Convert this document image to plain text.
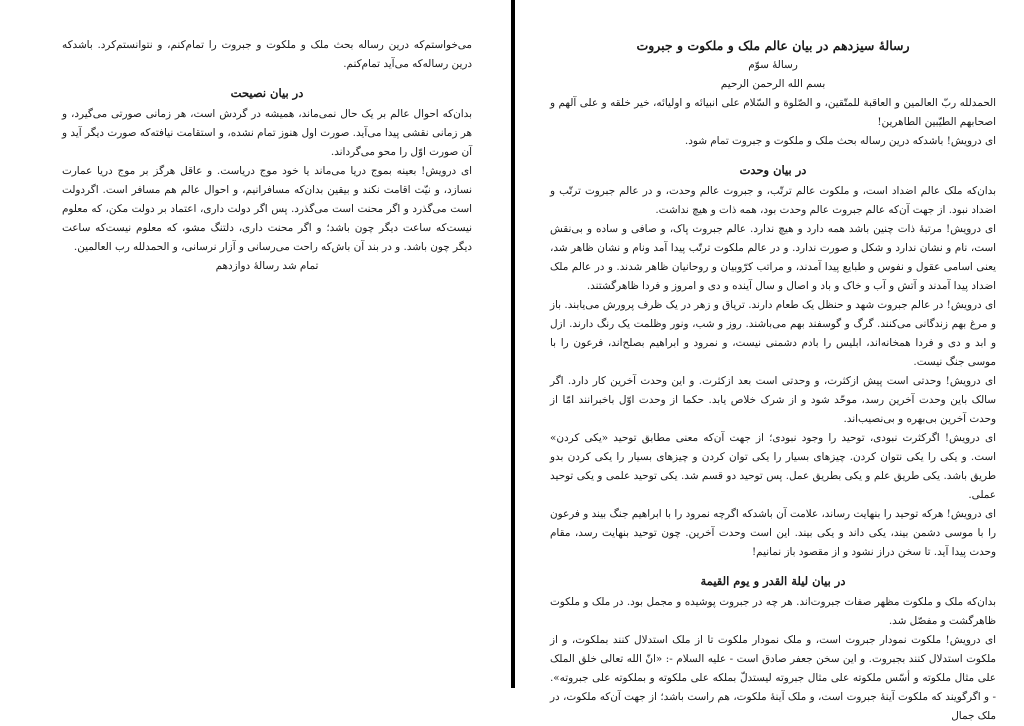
می‌خواستم‌که درین رساله بحث ملک و ملکوت و جبروت را تمام‌کنم، و نتوانستم‌کرد. باشدکه درین رساله‌که می‌آید تمام‌کنم.

در بیان نصیحت

بدان‌که احوال عالم بر یک حال نمی‌ماند، همیشه در گردش است، هر زمانی صورتی می‌گیرد، و هر زمانی نقشی پیدا می‌آید. صورت اول هنوز تمام نشده، و استقامت نیافته‌که صورت دیگر آید و آن صورت اوّل را محو می‌گرداند.

ای درویش! بعینه بموج دریا می‌ماند یا خود موج دریاست. و عاقل هرگز بر موج دریا عمارت نسازد، و نیّت اقامت نکند و بیقین بدان‌که مسافرانیم، و احوال عالم هم مسافر است. اگردولت است می‌گذرد و اگر محنت است می‌گذرد. پس اگر دولت داری، اعتماد بر دولت مکن، که معلوم نیست‌که ساعت دیگر چون باشد؛ و اگر محنت داری، دلتنگ مشو، که معلوم نیست‌که ساعت دیگر چون باشد. و در بند آن باش‌که راحت می‌رسانی و آزار نرسانی، و الحمدلله رب العالمین.

تمام شد رسالهٔ دوازدهم

رسالهٔ سیزدهم در بیان عالم ملک و ملکوت و جبروت

رسالهٔ سوّم

بسم الله الرحمن الرحیم

الحمدلله ربّ العالمین و العاقبة للمتّقین، و الصّلوة و السّلام علی انبیائه و اولیائه، خیر خلقه و علی آلهم و اصحابهم الطیّبین الطاهرین!

ای درویش! باشدکه درین رساله بحث ملک و ملکوت و جبروت تمام شود.

در بیان وحدت

بدان‌که ملک عالم اضداد است، و ملکوت عالم ترتّب، و جبروت عالم وحدت، و در عالم جبروت ترتّب و اضداد نبود. از جهت آن‌که عالم جبروت عالم وحدت بود، همه ذات و هیچ نداشت.

ای درویش! مرتبهٔ ذات چنین باشد همه دارد و هیچ ندارد. عالم جبروت پاک، و صافی و ساده و بی‌نقش است، نام و نشان ندارد و شکل و صورت ندارد. و در عالم ملکوت ترتّب پیدا آمد ونام و نشان ظاهر شد، یعنی اسامی عقول و نفوس و طبایع پیدا آمدند، و مراتب کرّوبیان و روحانیان ظاهر شدند. و در عالم ملک اضداد پیدا آمدند و آتش و آب و خاک و باد و اصال و سال آینده و دی و امروز و فردا ظاهرگشتند.

ای درویش! در عالم جبروت شهد و حنظل یک طعام دارند. تریاق و زهر در یک ظرف پرورش می‌یابند. باز و مرغ بهم زندگانی می‌کنند. گرگ و گوسفند بهم می‌باشند. روز و شب، ونور وظلمت یک رنگ دارند. ازل و ابد و دی و فردا همخانه‌اند، ابلیس را بادم دشمنی نیست، و نمرود و ابراهیم بصلح‌اند، فرعون را با موسی جنگ نیست.

ای درویش! وحدتی است پیش ازکثرت، و وحدتی است بعد ازکثرت. و این وحدت آخرین کار دارد. اگر سالک باین وحدت آخرین رسد، موحّد شود و از شرک خلاص یابد. حکما از وحدت اوّل باخبرانند امّا از وحدت آخرین بی‌بهره و بی‌نصیب‌اند.

ای درویش! اگرکثرت نبودی، توحید را وجود نبودی؛ از جهت آن‌که معنی مطابق توحید «یکی کردن» است. و یکی را یکی نتوان کردن. چیزهای بسیار را یکی توان کردن و چیزهای بسیار را یکی کردن بدو طریق باشد. یکی طریق علم و یکی بطریق عمل. پس توحید دو قسم شد. یکی توحید علمی و یکی توحید عملی.

ای درویش! هرکه توحید را بنهایت رساند، علامت آن باشدکه اگرچه نمرود را با ابراهیم جنگ بیند و فرعون را با موسی دشمن بیند، یکی داند و یکی بیند. این است وحدت آخرین. چون توحید بنهایت رسد، مقام وحدت پیدا آید. تا سخن دراز نشود و از مقصود باز نمانیم!

در بیان لیلة القدر و یوم القیمة

بدان‌که ملک و ملکوت مظهر صفات جبروت‌اند. هر چه در جبروت پوشیده و مجمل بود. در ملک و ملکوت ظاهرگشت و مفصّل شد.

ای درویش! ملکوت نمودار جبروت است، و ملک نمودار ملکوت تا از ملک استدلال کنند بملکوت، و از ملکوت استدلال کنند بجبروت. و این سخن جعفر صادق است - علیه السلام -: «انّ الله تعالی خلق الملک علی مثال ملکوته و أسّس ملکوته علی مثال جبروته لیستدلّ بملکه علی ملکوته و بملکوته علی جبروته». - و اگرگویند که ملکوت آینهٔ جبروت است، و ملک آینهٔ ملکوت، هم راست باشد؛ از جهت آن‌که ملکوت، در ملک جمال
